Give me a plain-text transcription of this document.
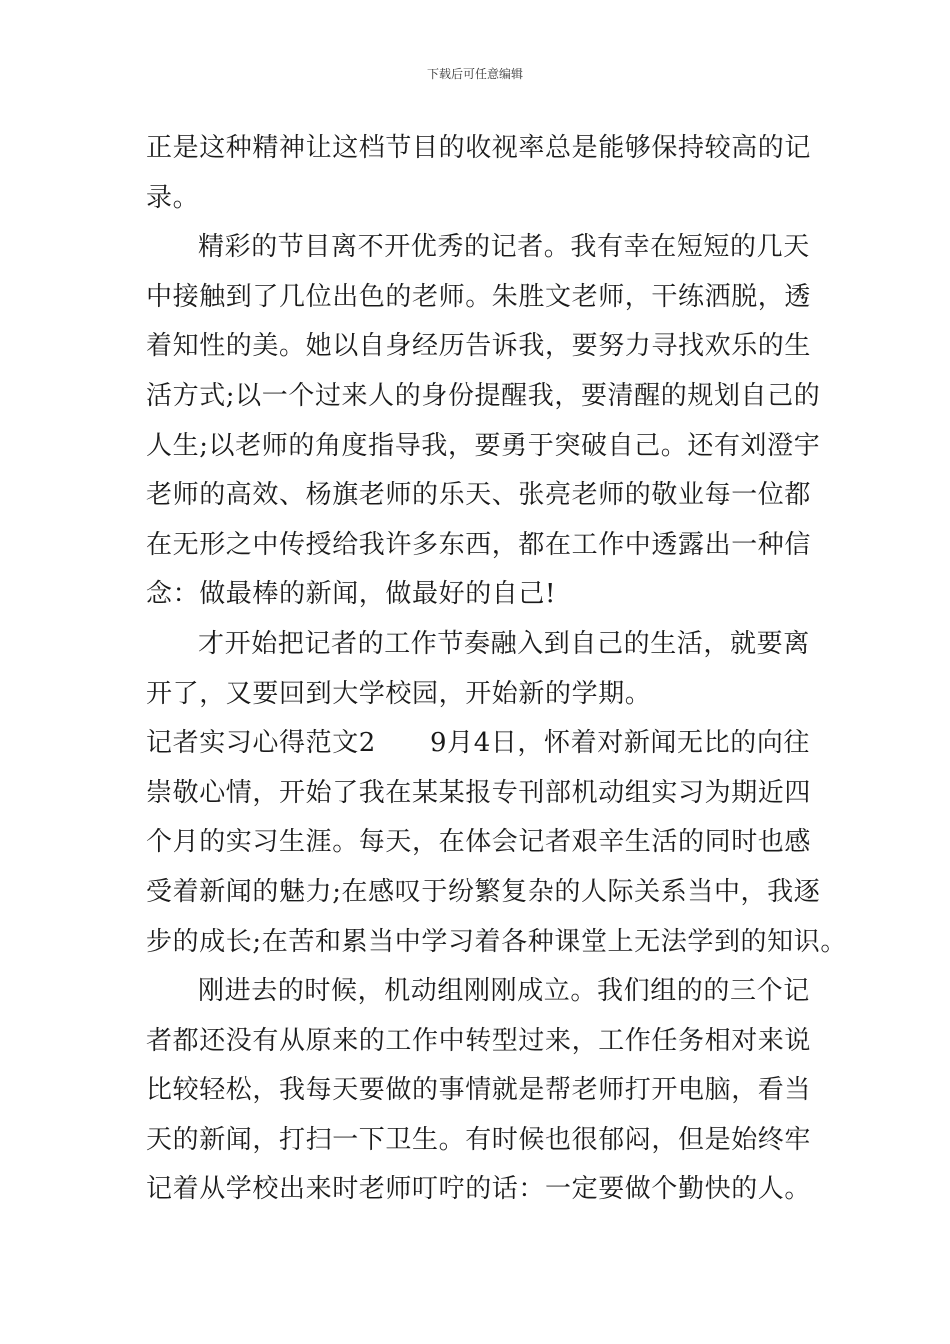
下载后可任意编辑
正是这种精神让这档节目的收视率总是能够保持较高的记
录。
精彩的节目离不开优秀的记者。我有幸在短短的几天
中接触到了几位出色的老师。朱胜文老师，干练洒脱，透
着知性的美。她以自身经历告诉我，要努力寻找欢乐的生
活方式;以一个过来人的身份提醒我，要清醒的规划自己的
人生;以老师的角度指导我，要勇于突破自己。还有刘澄宇
老师的高效、杨旗老师的乐天、张亮老师的敬业每一位都
在无形之中传授给我许多东西，都在工作中透露出一种信
念：做最棒的新闻，做最好的自己!
才开始把记者的工作节奏融入到自己的生活，就要离
开了，又要回到大学校园，开始新的学期。
记者实习心得范文2 9月4日，怀着对新闻无比的向往
崇敬心情，开始了我在某某报专刊部机动组实习为期近四
个月的实习生涯。每天，在体会记者艰辛生活的同时也感
受着新闻的魅力;在感叹于纷繁复杂的人际关系当中，我逐
步的成长;在苦和累当中学习着各种课堂上无法学到的知识。
刚进去的时候，机动组刚刚成立。我们组的的三个记
者都还没有从原来的工作中转型过来，工作任务相对来说
比较轻松，我每天要做的事情就是帮老师打开电脑，看当
天的新闻，打扫一下卫生。有时候也很郁闷，但是始终牢
记着从学校出来时老师叮咛的话：一定要做个勤快的人。
